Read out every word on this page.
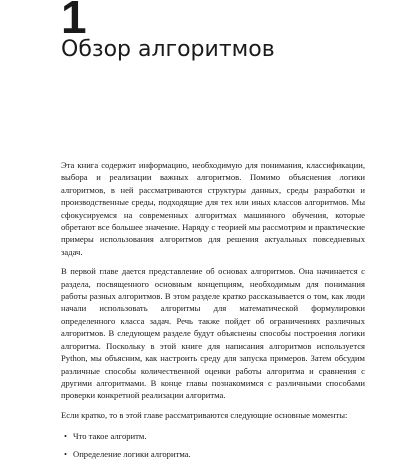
1
Обзор алгоритмов

Эта книга содержит информацию, необходимую для понимания, классификации, выбора и реализации важных алгоритмов. Помимо объяснения логики алгоритмов, в ней рассматриваются структуры данных, среды разработки и производственные среды, подходящие для тех или иных классов алгоритмов. Мы сфокусируемся на современных алгоритмах машинного обучения, которые обретают все большее значение. Наряду с теорией мы рассмотрим и практические примеры использования алгоритмов для решения актуальных повседневных задач.

В первой главе дается представление об основах алгоритмов. Она начинается с раздела, посвященного основным концепциям, необходимым для понимания работы разных алгоритмов. В этом разделе кратко рассказывается о том, как люди начали использовать алгоритмы для математической формулировки определенного класса задач. Речь также пойдет об ограничениях различных алгоритмов. В следующем разделе будут объяснены способы построения логики алгоритма. Поскольку в этой книге для написания алгоритмов используется Python, мы объясним, как настроить среду для запуска примеров. Затем обсудим различные способы количественной оценки работы алгоритма и сравнения с другими алгоритмами. В конце главы познакомимся с различными способами проверки конкретной реализации алгоритма.

Если кратко, то в этой главе рассматриваются следующие основные моменты:

• Что такое алгоритм.
• Определение логики алгоритма.
